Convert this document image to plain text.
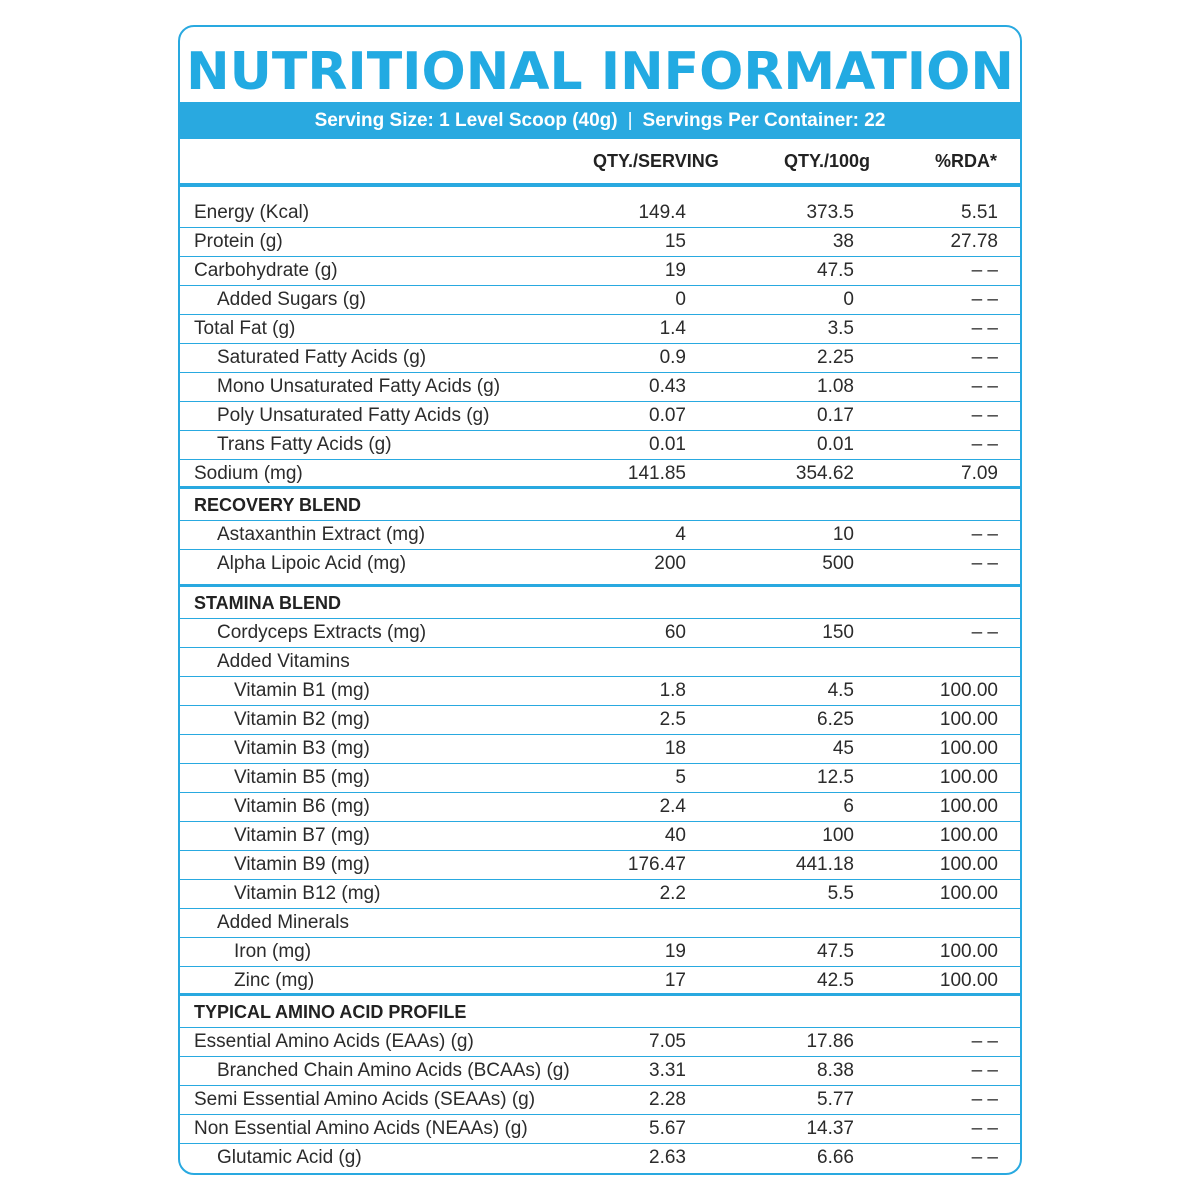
NUTRITIONAL INFORMATION
Serving Size: 1 Level Scoop (40g) | Servings Per Container: 22
QTY./SERVING	QTY./100g	%RDA*
Energy (Kcal)	149.4	373.5	5.51
Protein (g)	15	38	27.78
Carbohydrate (g)	19	47.5	– –
Added Sugars (g)	0	0	– –
Total Fat (g)	1.4	3.5	– –
Saturated Fatty Acids (g)	0.9	2.25	– –
Mono Unsaturated Fatty Acids (g)	0.43	1.08	– –
Poly Unsaturated Fatty Acids (g)	0.07	0.17	– –
Trans Fatty Acids (g)	0.01	0.01	– –
Sodium (mg)	141.85	354.62	7.09
RECOVERY BLEND
Astaxanthin Extract (mg)	4	10	– –
Alpha Lipoic Acid (mg)	200	500	– –
STAMINA BLEND
Cordyceps Extracts (mg)	60	150	– –
Added Vitamins
Vitamin B1 (mg)	1.8	4.5	100.00
Vitamin B2 (mg)	2.5	6.25	100.00
Vitamin B3 (mg)	18	45	100.00
Vitamin B5 (mg)	5	12.5	100.00
Vitamin B6 (mg)	2.4	6	100.00
Vitamin B7 (mg)	40	100	100.00
Vitamin B9 (mg)	176.47	441.18	100.00
Vitamin B12 (mg)	2.2	5.5	100.00
Added Minerals
Iron (mg)	19	47.5	100.00
Zinc (mg)	17	42.5	100.00
TYPICAL AMINO ACID PROFILE
Essential Amino Acids (EAAs) (g)	7.05	17.86	– –
Branched Chain Amino Acids (BCAAs) (g)	3.31	8.38	– –
Semi Essential Amino Acids (SEAAs) (g)	2.28	5.77	– –
Non Essential Amino Acids (NEAAs) (g)	5.67	14.37	– –
Glutamic Acid (g)	2.63	6.66	– –
